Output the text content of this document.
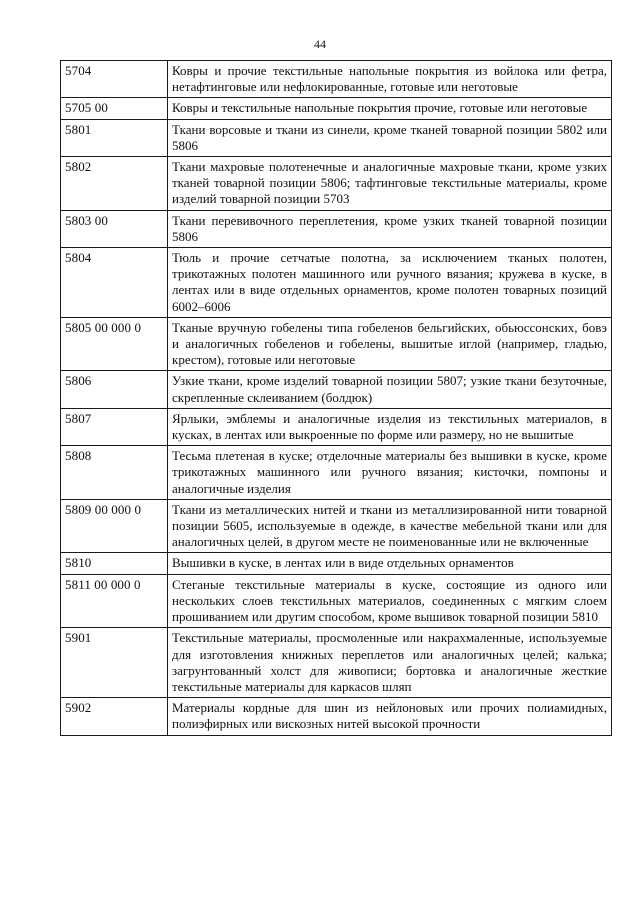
44
5704	Ковры и прочие текстильные напольные покрытия из войлока или фетра, нетафтинговые или нефлокированные, готовые или неготовые
5705 00	Ковры и текстильные напольные покрытия прочие, готовые или неготовые
5801	Ткани ворсовые и ткани из синели, кроме тканей товарной позиции 5802 или 5806
5802	Ткани махровые полотенечные и аналогичные махровые ткани, кроме узких тканей товарной позиции 5806; тафтинговые текстильные материалы, кроме изделий товарной позиции 5703
5803 00	Ткани перевивочного переплетения, кроме узких тканей товарной позиции 5806
5804	Тюль и прочие сетчатые полотна, за исключением тканых полотен, трикотажных полотен машинного или ручного вязания; кружева в куске, в лентах или в виде отдельных орнаментов, кроме полотен товарных позиций 6002–6006
5805 00 000 0	Тканые вручную гобелены типа гобеленов бельгийских, обьюссонских, бовэ и аналогичных гобеленов и гобелены, вышитые иглой (например, гладью, крестом), готовые или неготовые
5806	Узкие ткани, кроме изделий товарной позиции 5807; узкие ткани безуточные, скрепленные склеиванием (болдюк)
5807	Ярлыки, эмблемы и аналогичные изделия из текстильных материалов, в кусках, в лентах или выкроенные по форме или размеру, но не вышитые
5808	Тесьма плетеная в куске; отделочные материалы без вышивки в куске, кроме трикотажных машинного или ручного вязания; кисточки, помпоны и аналогичные изделия
5809 00 000 0	Ткани из металлических нитей и ткани из металлизированной нити товарной позиции 5605, используемые в одежде, в качестве мебельной ткани или для аналогичных целей, в другом месте не поименованные или не включенные
5810	Вышивки в куске, в лентах или в виде отдельных орнаментов
5811 00 000 0	Стеганые текстильные материалы в куске, состоящие из одного или нескольких слоев текстильных материалов, соединенных с мягким слоем прошиванием или другим способом, кроме вышивок товарной позиции 5810
5901	Текстильные материалы, просмоленные или накрахмаленные, используемые для изготовления книжных переплетов или аналогичных целей; калька; загрунтованный холст для живописи; бортовка и аналогичные жесткие текстильные материалы для каркасов шляп
5902	Материалы кордные для шин из нейлоновых или прочих полиамидных, полиэфирных или вискозных нитей высокой прочности
